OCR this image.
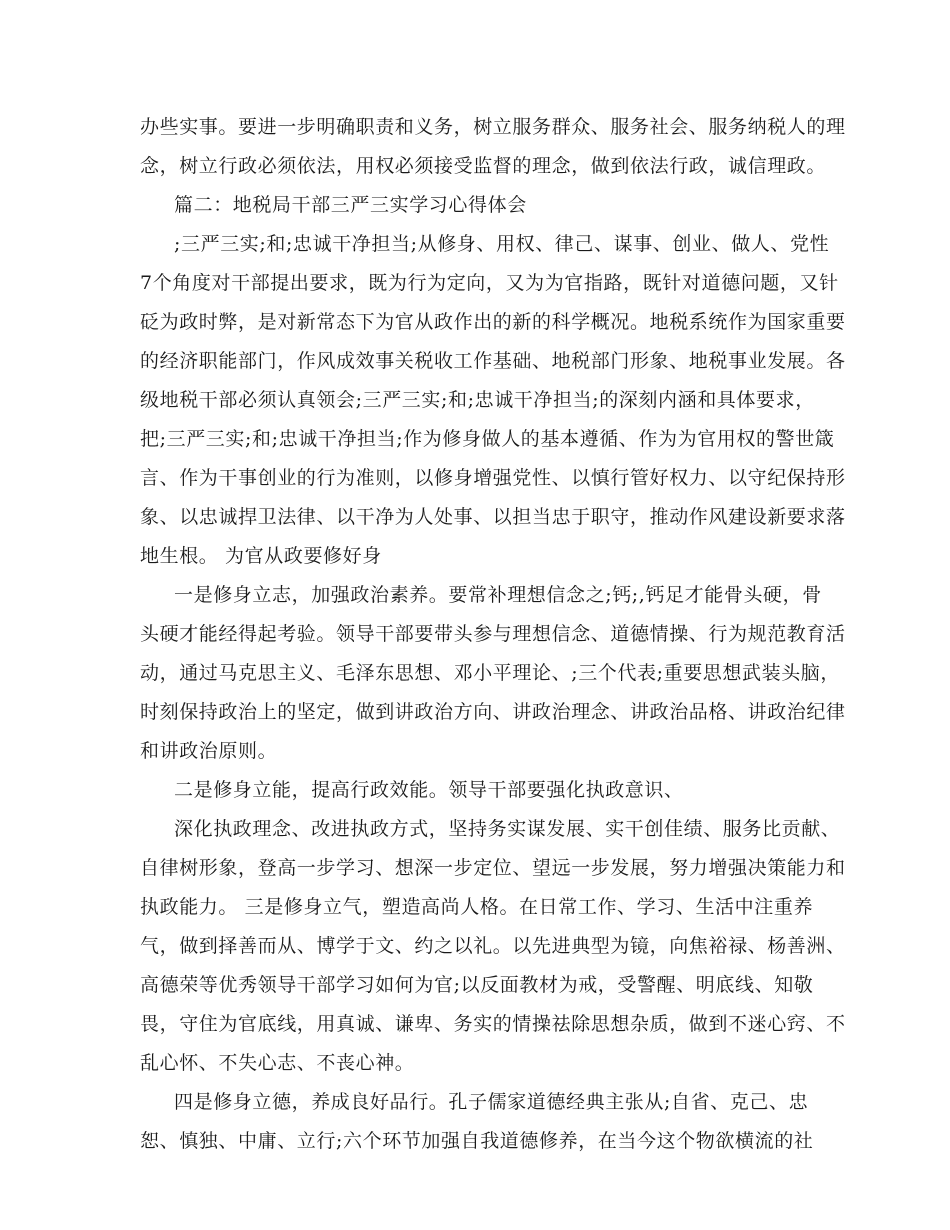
办些实事。要进一步明确职责和义务，树立服务群众、服务社会、服务纳税人的理
念，树立行政必须依法，用权必须接受监督的理念，做到依法行政，诚信理政。
篇二：地税局干部三严三实学习心得体会
;三严三实;和;忠诚干净担当;从修身、用权、律己、谋事、创业、做人、党性
7个角度对干部提出要求，既为行为定向，又为为官指路，既针对道德问题，又针
砭为政时弊，是对新常态下为官从政作出的新的科学概况。地税系统作为国家重要
的经济职能部门，作风成效事关税收工作基础、地税部门形象、地税事业发展。各
级地税干部必须认真领会;三严三实;和;忠诚干净担当;的深刻内涵和具体要求，
把;三严三实;和;忠诚干净担当;作为修身做人的基本遵循、作为为官用权的警世箴
言、作为干事创业的行为准则，以修身增强党性、以慎行管好权力、以守纪保持形
象、以忠诚捍卫法律、以干净为人处事、以担当忠于职守，推动作风建设新要求落
地生根。 为官从政要修好身
一是修身立志，加强政治素养。要常补理想信念之;钙;,钙足才能骨头硬，骨
头硬才能经得起考验。领导干部要带头参与理想信念、道德情操、行为规范教育活
动，通过马克思主义、毛泽东思想、邓小平理论、;三个代表;重要思想武装头脑，
时刻保持政治上的坚定，做到讲政治方向、讲政治理念、讲政治品格、讲政治纪律
和讲政治原则。
二是修身立能，提高行政效能。领导干部要强化执政意识、
深化执政理念、改进执政方式，坚持务实谋发展、实干创佳绩、服务比贡献、
自律树形象，登高一步学习、想深一步定位、望远一步发展，努力增强决策能力和
执政能力。 三是修身立气，塑造高尚人格。在日常工作、学习、生活中注重养
气，做到择善而从、博学于文、约之以礼。以先进典型为镜，向焦裕禄、杨善洲、
高德荣等优秀领导干部学习如何为官;以反面教材为戒，受警醒、明底线、知敬
畏，守住为官底线，用真诚、谦卑、务实的情操祛除思想杂质，做到不迷心窍、不
乱心怀、不失心志、不丧心神。
四是修身立德，养成良好品行。孔子儒家道德经典主张从;自省、克己、忠
恕、慎独、中庸、立行;六个环节加强自我道德修养，在当今这个物欲横流的社
